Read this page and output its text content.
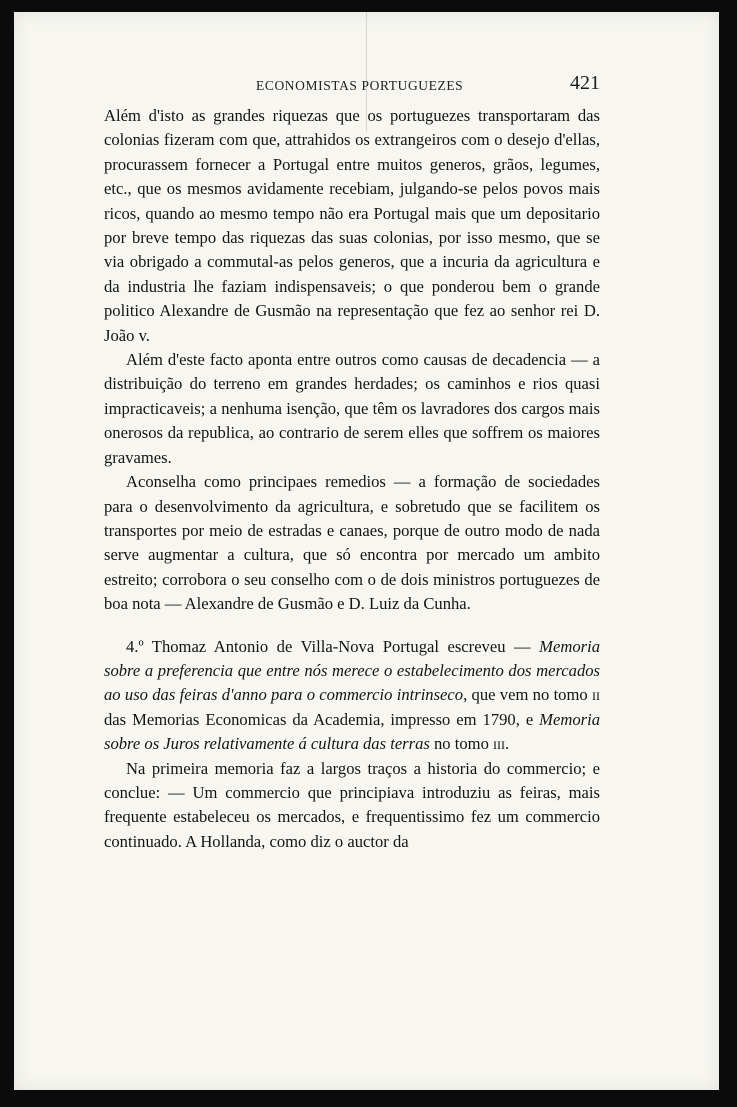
ECONOMISTAS PORTUGUEZES	421

Além d'isto as grandes riquezas que os portuguezes transportaram das colonias fizeram com que, attrahidos os extrangeiros com o desejo d'ellas, procurassem fornecer a Portugal entre muitos generos, grãos, legumes, etc., que os mesmos avidamente recebiam, julgando-se pelos povos mais ricos, quando ao mesmo tempo não era Portugal mais que um depositario por breve tempo das riquezas das suas colonias, por isso mesmo, que se via obrigado a commutal-as pelos generos, que a incuria da agricultura e da industria lhe faziam indispensaveis; o que ponderou bem o grande politico Alexandre de Gusmão na representação que fez ao senhor rei D. João v.

Além d'este facto aponta entre outros como causas de decadencia — a distribuição do terreno em grandes herdades; os caminhos e rios quasi impracticaveis; a nenhuma isenção, que têm os lavradores dos cargos mais onerosos da republica, ao contrario de serem elles que soffrem os maiores gravames.

Aconselha como principaes remedios — a formação de sociedades para o desenvolvimento da agricultura, e sobretudo que se facilitem os transportes por meio de estradas e canaes, porque de outro modo de nada serve augmentar a cultura, que só encontra por mercado um ambito estreito; corrobora o seu conselho com o de dois ministros portuguezes de boa nota — Alexandre de Gusmão e D. Luiz da Cunha.

4.º Thomaz Antonio de Villa-Nova Portugal escreveu — Memoria sobre a preferencia que entre nós merece o estabelecimento dos mercados ao uso das feiras d'anno para o commercio intrinseco, que vem no tomo ii das Memorias Economicas da Academia, impresso em 1790, e Memoria sobre os Juros relativamente á cultura das terras no tomo iii.

Na primeira memoria faz a largos traços a historia do commercio; e conclue: — Um commercio que principiava introduziu as feiras, mais frequente estabeleceu os mercados, e frequentissimo fez um commercio continuado. A Hollanda, como diz o auctor da
